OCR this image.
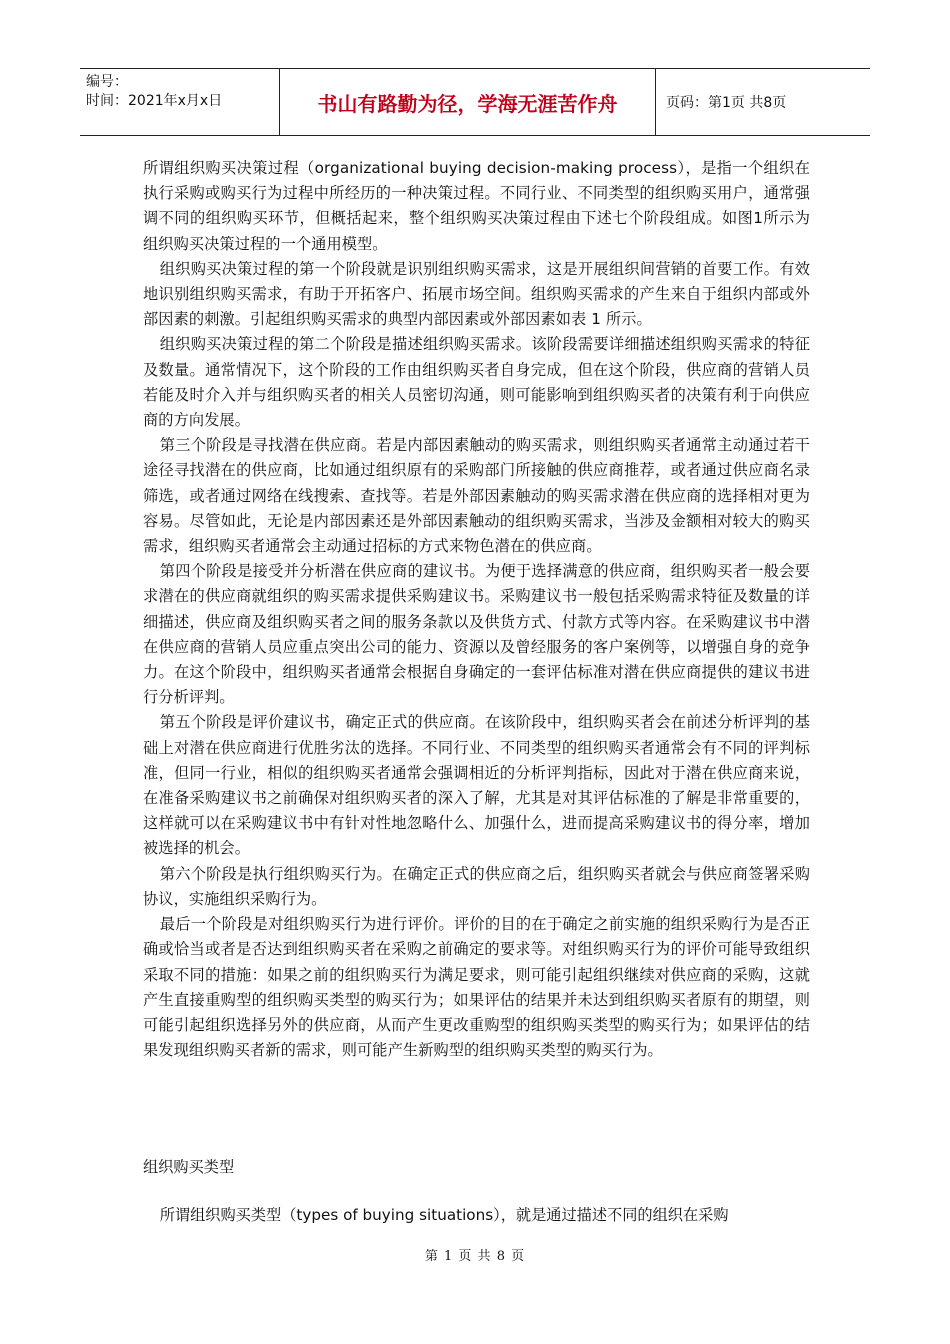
编号：
时间：2021年x月x日	书山有路勤为径，学海无涯苦作舟	页码：第1页 共8页

所谓组织购买决策过程（organizational buying decision-making process），是指一个组织在执行采购或购买行为过程中所经历的一种决策过程。不同行业、不同类型的组织购买用户，通常强调不同的组织购买环节，但概括起来，整个组织购买决策过程由下述七个阶段组成。如图1所示为组织购买决策过程的一个通用模型。

组织购买决策过程的第一个阶段就是识别组织购买需求，这是开展组织间营销的首要工作。有效地识别组织购买需求，有助于开拓客户、拓展市场空间。组织购买需求的产生来自于组织内部或外部因素的刺激。引起组织购买需求的典型内部因素或外部因素如表 1 所示。

组织购买决策过程的第二个阶段是描述组织购买需求。该阶段需要详细描述组织购买需求的特征及数量。通常情况下，这个阶段的工作由组织购买者自身完成，但在这个阶段，供应商的营销人员若能及时介入并与组织购买者的相关人员密切沟通，则可能影响到组织购买者的决策有利于向供应商的方向发展。

第三个阶段是寻找潜在供应商。若是内部因素触动的购买需求，则组织购买者通常主动通过若干途径寻找潜在的供应商，比如通过组织原有的采购部门所接触的供应商推荐，或者通过供应商名录筛选，或者通过网络在线搜索、查找等。若是外部因素触动的购买需求潜在供应商的选择相对更为容易。尽管如此，无论是内部因素还是外部因素触动的组织购买需求，当涉及金额相对较大的购买需求，组织购买者通常会主动通过招标的方式来物色潜在的供应商。

第四个阶段是接受并分析潜在供应商的建议书。为便于选择满意的供应商，组织购买者一般会要求潜在的供应商就组织的购买需求提供采购建议书。采购建议书一般包括采购需求特征及数量的详细描述，供应商及组织购买者之间的服务条款以及供货方式、付款方式等内容。在采购建议书中潜在供应商的营销人员应重点突出公司的能力、资源以及曾经服务的客户案例等，以增强自身的竞争力。在这个阶段中，组织购买者通常会根据自身确定的一套评估标准对潜在供应商提供的建议书进行分析评判。

第五个阶段是评价建议书，确定正式的供应商。在该阶段中，组织购买者会在前述分析评判的基础上对潜在供应商进行优胜劣汰的选择。不同行业、不同类型的组织购买者通常会有不同的评判标准，但同一行业，相似的组织购买者通常会强调相近的分析评判指标，因此对于潜在供应商来说，在准备采购建议书之前确保对组织购买者的深入了解，尤其是对其评估标准的了解是非常重要的，这样就可以在采购建议书中有针对性地忽略什么、加强什么，进而提高采购建议书的得分率，增加被选择的机会。

第六个阶段是执行组织购买行为。在确定正式的供应商之后，组织购买者就会与供应商签署采购协议，实施组织采购行为。

最后一个阶段是对组织购买行为进行评价。评价的目的在于确定之前实施的组织采购行为是否正确或恰当或者是否达到组织购买者在采购之前确定的要求等。对组织购买行为的评价可能导致组织采取不同的措施：如果之前的组织购买行为满足要求，则可能引起组织继续对供应商的采购，这就产生直接重购型的组织购买类型的购买行为；如果评估的结果并未达到组织购买者原有的期望，则可能引起组织选择另外的供应商，从而产生更改重购型的组织购买类型的购买行为；如果评估的结果发现组织购买者新的需求，则可能产生新购型的组织购买类型的购买行为。

组织购买类型

所谓组织购买类型（types of buying situations），就是通过描述不同的组织在采购

第 1 页 共 8 页
